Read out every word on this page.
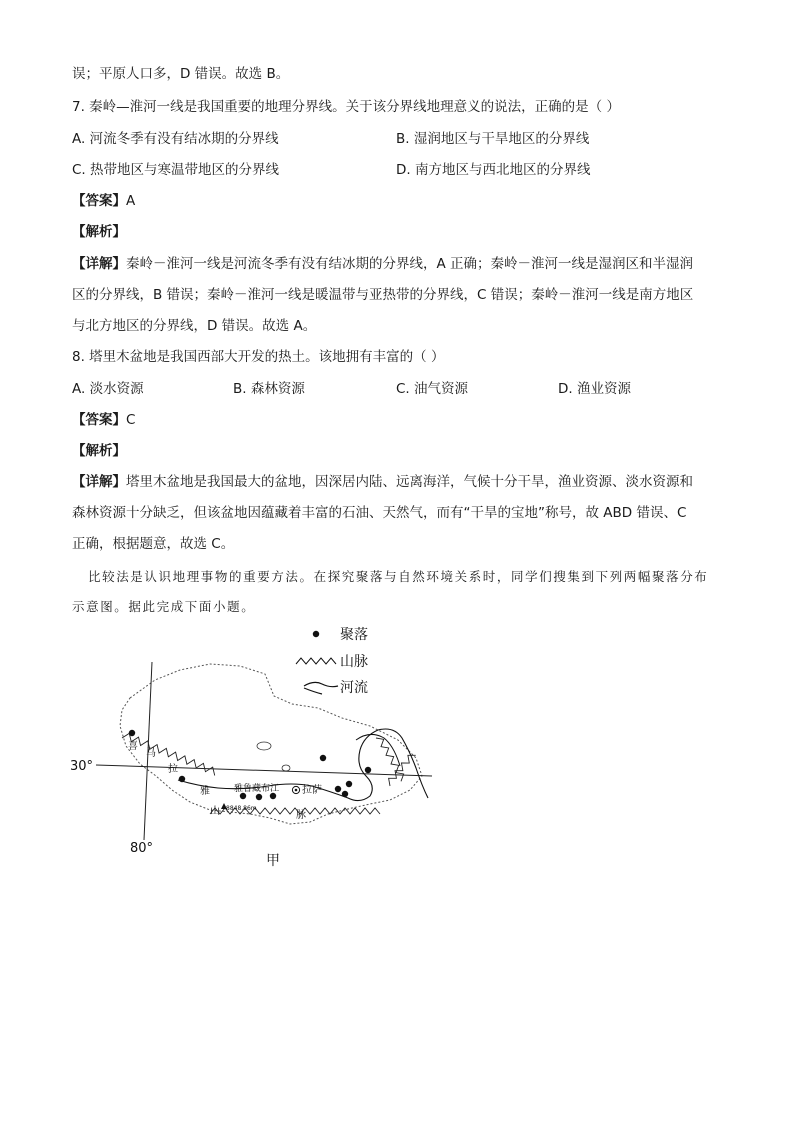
误；平原人口多，D 错误。故选 B。
7. 秦岭—淮河一线是我国重要的地理分界线。关于该分界线地理意义的说法，正确的是（ ）
A. 河流冬季有没有结冰期的分界线	B. 湿润地区与干旱地区的分界线
C. 热带地区与寒温带地区的分界线	D. 南方地区与西北地区的分界线
【答案】A
【解析】
【详解】秦岭－淮河一线是河流冬季有没有结冰期的分界线，A 正确；秦岭－淮河一线是湿润区和半湿润
区的分界线，B 错误；秦岭－淮河一线是暖温带与亚热带的分界线，C 错误；秦岭－淮河一线是南方地区
与北方地区的分界线，D 错误。故选 A。
8. 塔里木盆地是我国西部大开发的热土。该地拥有丰富的（ ）
A. 淡水资源	B. 森林资源	C. 油气资源	D. 渔业资源
【答案】C
【解析】
【详解】塔里木盆地是我国最大的盆地，因深居内陆、远离海洋，气候十分干旱，渔业资源、淡水资源和
森林资源十分缺乏，但该盆地因蕴藏着丰富的石油、天然气，而有“干旱的宝地”称号，故 ABD 错误、C
正确，根据题意，故选 C。
比较法是认识地理事物的重要方法。在探究聚落与自然环境关系时，同学们搜集到下列两幅聚落分布
示意图。据此完成下面小题。
聚落
山脉
河流
30°
80°
喜
马
拉
雅
山	脉
雅鲁藏布江 拉萨
8848.86m
甲
